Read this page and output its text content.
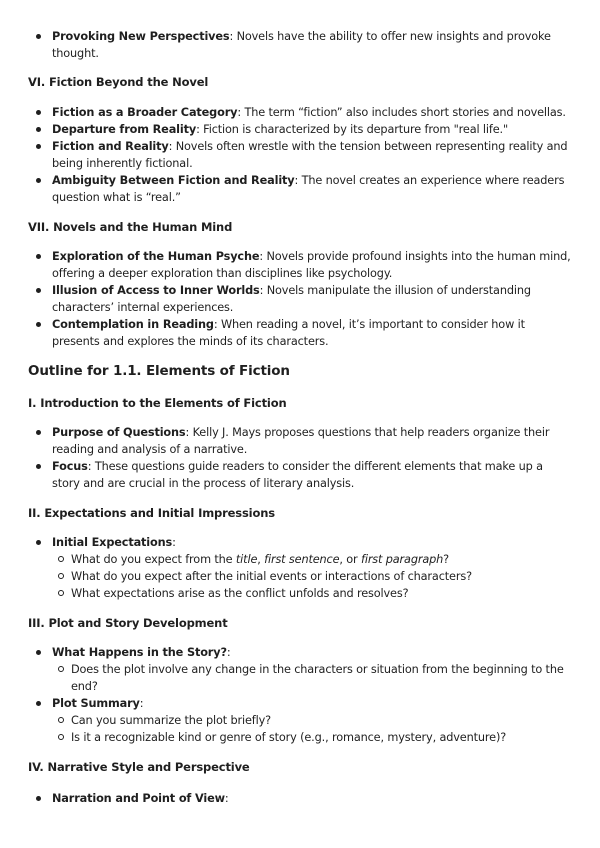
Provoking New Perspectives: Novels have the ability to offer new insights and provoke thought.
VI. Fiction Beyond the Novel
Fiction as a Broader Category: The term “fiction” also includes short stories and novellas.
Departure from Reality: Fiction is characterized by its departure from "real life."
Fiction and Reality: Novels often wrestle with the tension between representing reality and being inherently fictional.
Ambiguity Between Fiction and Reality: The novel creates an experience where readers question what is “real.”
VII. Novels and the Human Mind
Exploration of the Human Psyche: Novels provide profound insights into the human mind, offering a deeper exploration than disciplines like psychology.
Illusion of Access to Inner Worlds: Novels manipulate the illusion of understanding characters’ internal experiences.
Contemplation in Reading: When reading a novel, it’s important to consider how it presents and explores the minds of its characters.
Outline for 1.1. Elements of Fiction
I. Introduction to the Elements of Fiction
Purpose of Questions: Kelly J. Mays proposes questions that help readers organize their reading and analysis of a narrative.
Focus: These questions guide readers to consider the different elements that make up a story and are crucial in the process of literary analysis.
II. Expectations and Initial Impressions
Initial Expectations:
What do you expect from the title, first sentence, or first paragraph?
What do you expect after the initial events or interactions of characters?
What expectations arise as the conflict unfolds and resolves?
III. Plot and Story Development
What Happens in the Story?:
Does the plot involve any change in the characters or situation from the beginning to the end?
Plot Summary:
Can you summarize the plot briefly?
Is it a recognizable kind or genre of story (e.g., romance, mystery, adventure)?
IV. Narrative Style and Perspective
Narration and Point of View:
